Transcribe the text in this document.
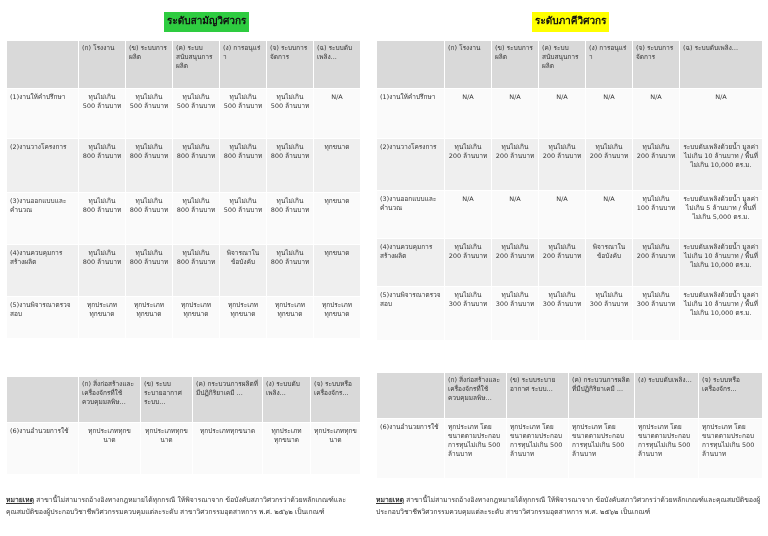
ระดับสามัญวิศวกร
	(ก) โรงงาน	(ข) ระบบการผลิต	(ค) ระบบสนับสนุนการผลิต	(ง) การอนุแร่า	(จ) ระบบการจัดการ	(ฉ) ระบบดับเพลิง...
(1)งานให้คำปรึกษา	ทุนไม่เกิน 500 ล้านบาท	ทุนไม่เกิน 500 ล้านบาท	ทุนไม่เกิน 500 ล้านบาท	ทุนไม่เกิน 500 ล้านบาท	ทุนไม่เกิน 500 ล้านบาท	N/A
(2)งานวางโครงการ	ทุนไม่เกิน 800 ล้านบาท	ทุนไม่เกิน 800 ล้านบาท	ทุนไม่เกิน 800 ล้านบาท	ทุนไม่เกิน 800 ล้านบาท	ทุนไม่เกิน 800 ล้านบาท	ทุกขนาด
(3)งานออกแบบและคำนวณ	ทุนไม่เกิน 800 ล้านบาท	ทุนไม่เกิน 800 ล้านบาท	ทุนไม่เกิน 800 ล้านบาท	ทุนไม่เกิน 500 ล้านบาท	ทุนไม่เกิน 800 ล้านบาท	ทุกขนาด
(4)งานควบคุมการสร้างผลิต	ทุนไม่เกิน 800 ล้านบาท	ทุนไม่เกิน 800 ล้านบาท	ทุนไม่เกิน 800 ล้านบาท	พิจารณาในข้อบังคับ	ทุนไม่เกิน 800 ล้านบาท	ทุกขนาด
(5)งานพิจารณาตรวจสอบ	ทุกประเภททุกขนาด	ทุกประเภททุกขนาด	ทุกประเภททุกขนาด	ทุกประเภททุกขนาด	ทุกประเภททุกขนาด	ทุกประเภททุกขนาด
	(ก) สิ่งก่อสร้างและเครื่องจักรที่ใช้ควบคุมมลพิษ...	(ข) ระบบระบายอากาศ ระบบ...	(ค) กระบวนการผลิตที่มีปฏิกิริยาเคมี ...	(ง) ระบบดับเพลิง...	(จ) ระบบหรือเครื่องจักร...
(6)งานอำนวยการใช้	ทุกประเภททุกขนาด	ทุกประเภททุกขนาด	ทุกประเภททุกขนาด	ทุกประเภททุกขนาด	ทุกประเภททุกขนาด
หมายเหตุ สาขานี้ไม่สามารถอ้างอิงทางกฎหมายได้ทุกกรณี ให้พิจารณาจาก ข้อบังคับสภาวิศวกรว่าด้วยหลักเกณฑ์และคุณสมบัติของผู้ประกอบวิชาชีพวิศวกรรมควบคุมแต่ละระดับ สาขาวิศวกรรมอุตสาหการ พ.ศ. ๒๕๖๒ เป็นเกณฑ์
ระดับภาคีวิศวกร
	(ก) โรงงาน	(ข) ระบบการผลิต	(ค) ระบบสนับสนุนการผลิต	(ง) การอนุแร่า	(จ) ระบบการจัดการ	(ฉ) ระบบดับเพลิง...
(1)งานให้คำปรึกษา	N/A	N/A	N/A	N/A	N/A	N/A
(2)งานวางโครงการ	ทุนไม่เกิน 200 ล้านบาท	ทุนไม่เกิน 200 ล้านบาท	ทุนไม่เกิน 200 ล้านบาท	ทุนไม่เกิน 200 ล้านบาท	ทุนไม่เกิน 200 ล้านบาท	ระบบดับเพลิงด้วยน้ำ มูลค่าไม่เกิน 10 ล้านบาท / พื้นที่ไม่เกิน 10,000 ตร.ม.
(3)งานออกแบบและคำนวณ	N/A	N/A	N/A	N/A	ทุนไม่เกิน 100 ล้านบาท	ระบบดับเพลิงด้วยน้ำ มูลค่าไม่เกิน 5 ล้านบาท / พื้นที่ไม่เกิน 5,000 ตร.ม.
(4)งานควบคุมการสร้างผลิต	ทุนไม่เกิน 200 ล้านบาท	ทุนไม่เกิน 200 ล้านบาท	ทุนไม่เกิน 200 ล้านบาท	พิจารณาในข้อบังคับ	ทุนไม่เกิน 200 ล้านบาท	ระบบดับเพลิงด้วยน้ำ มูลค่าไม่เกิน 10 ล้านบาท / พื้นที่ไม่เกิน 10,000 ตร.ม.
(5)งานพิจารณาตรวจสอบ	ทุนไม่เกิน 300 ล้านบาท	ทุนไม่เกิน 300 ล้านบาท	ทุนไม่เกิน 300 ล้านบาท	ทุนไม่เกิน 300 ล้านบาท	ทุนไม่เกิน 300 ล้านบาท	ระบบดับเพลิงด้วยน้ำ มูลค่าไม่เกิน 10 ล้านบาท / พื้นที่ไม่เกิน 10,000 ตร.ม.
	(ก) สิ่งก่อสร้างและเครื่องจักรที่ใช้ควบคุมมลพิษ...	(ข) ระบบระบายอากาศ ระบบ...	(ค) กระบวนการผลิตที่มีปฏิกิริยาเคมี ...	(ง) ระบบดับเพลิง...	(จ) ระบบหรือเครื่องจักร...
(6)งานอำนวยการใช้	ทุกประเภท โดยขนาดตามประกอบการทุนไม่เกิน 500 ล้านบาท	ทุกประเภท โดยขนาดตามประกอบการทุนไม่เกิน 500 ล้านบาท	ทุกประเภท โดยขนาดตามประกอบการทุนไม่เกิน 500 ล้านบาท	ทุกประเภท โดยขนาดตามประกอบการทุนไม่เกิน 500 ล้านบาท	ทุกประเภท โดยขนาดตามประกอบการทุนไม่เกิน 500 ล้านบาท
หมายเหตุ สาขานี้ไม่สามารถอ้างอิงทางกฎหมายได้ทุกกรณี ให้พิจารณาจาก ข้อบังคับสภาวิศวกรว่าด้วยหลักเกณฑ์และคุณสมบัติของผู้ประกอบวิชาชีพวิศวกรรมควบคุมแต่ละระดับ สาขาวิศวกรรมอุตสาหการ พ.ศ. ๒๕๖๒ เป็นเกณฑ์
